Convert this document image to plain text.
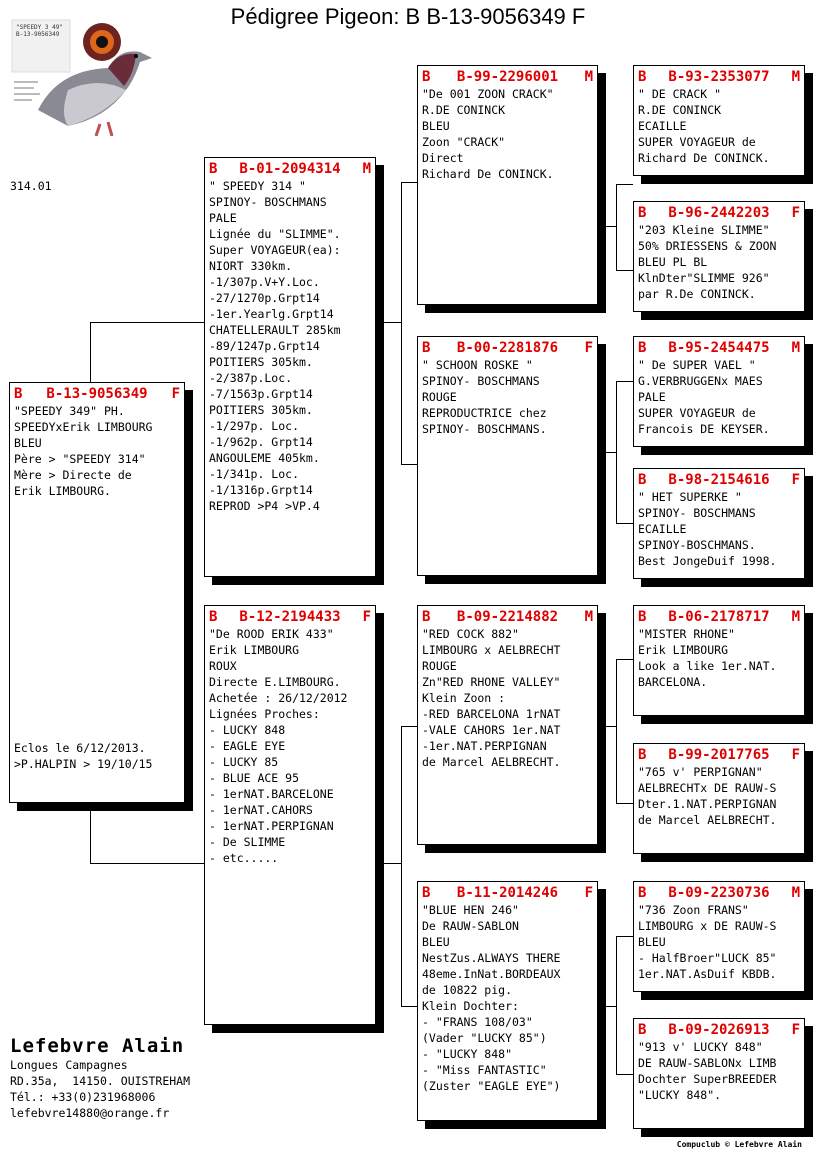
Pédigree Pigeon: B B-13-9056349 F
"SPEEDY 3 49"
B-13-9056349
314.01
B	B-13-9056349	F
"SPEEDY 349" PH.
SPEEDYxErik LIMBOURG
BLEU
Père > "SPEEDY 314"
Mère > Directe de
Erik LIMBOURG.
B	B-01-2094314	M
" SPEEDY 314 "
SPINOY- BOSCHMANS
PALE
Lignée du "SLIMME".
Super VOYAGEUR(ea):
NIORT 330km.
-1/307p.V+Y.Loc.
-27/1270p.Grpt14
-1er.Yearlg.Grpt14
CHATELLERAULT 285km
-89/1247p.Grpt14
POITIERS 305km.
-2/387p.Loc.
-7/1563p.Grpt14
POITIERS 305km.
-1/297p. Loc.
-1/962p. Grpt14
ANGOULEME 405km.
-1/341p. Loc.
-1/1316p.Grpt14
REPROD >P4 >VP.4
B	B-12-2194433	F
"De ROOD ERIK 433"
Erik LIMBOURG
ROUX
Directe E.LIMBOURG.
Achetée : 26/12/2012
Lignées Proches:
- LUCKY 848
- EAGLE EYE
- LUCKY 85
- BLUE ACE 95
- 1erNAT.BARCELONE
- 1erNAT.CAHORS
- 1erNAT.PERPIGNAN
- De SLIMME
- etc.....
B	B-99-2296001	M
"De 001 ZOON CRACK"
R.DE CONINCK
BLEU
Zoon "CRACK"
Direct
Richard De CONINCK.
B	B-00-2281876	F
" SCHOON ROSKE "
SPINOY- BOSCHMANS
ROUGE
REPRODUCTRICE chez
SPINOY- BOSCHMANS.
B	B-09-2214882	M
"RED COCK 882"
LIMBOURG x AELBRECHT
ROUGE
Zn"RED RHONE VALLEY"
Klein Zoon :
-RED BARCELONA 1rNAT
-VALE CAHORS 1er.NAT
-1er.NAT.PERPIGNAN
de Marcel AELBRECHT.
B	B-11-2014246	F
"BLUE HEN 246"
De RAUW-SABLON
BLEU
NestZus.ALWAYS THERE
48eme.InNat.BORDEAUX
de 10822 pig.
Klein Dochter:
- "FRANS 108/03"
(Vader "LUCKY 85")
- "LUCKY 848"
- "Miss FANTASTIC"
(Zuster "EAGLE EYE")
B	B-93-2353077	M
" DE CRACK "
R.DE CONINCK
ECAILLE
SUPER VOYAGEUR de
Richard De CONINCK.
B	B-96-2442203	F
"203 Kleine SLIMME"
50% DRIESSENS & ZOON
BLEU PL BL
KlnDter"SLIMME 926"
par R.De CONINCK.
B	B-95-2454475	M
" De SUPER VAEL "
G.VERBRUGGENx MAES
PALE
SUPER VOYAGEUR de
Francois DE KEYSER.
B	B-98-2154616	F
" HET SUPERKE "
SPINOY- BOSCHMANS
ECAILLE
SPINOY-BOSCHMANS.
Best JongeDuif 1998.
B	B-06-2178717	M
"MISTER RHONE"
Erik LIMBOURG
Look a like 1er.NAT.
BARCELONA.
B	B-99-2017765	F
"765 v' PERPIGNAN"
AELBRECHTx DE RAUW-S
Dter.1.NAT.PERPIGNAN
de Marcel AELBRECHT.
B	B-09-2230736	M
"736 Zoon FRANS"
LIMBOURG x DE RAUW-S
BLEU
- HalfBroer"LUCK 85"
1er.NAT.AsDuif KBDB.
B	B-09-2026913	F
"913 v' LUCKY 848"
DE RAUW-SABLONx LIMB
Dochter SuperBREEDER
"LUCKY 848".
Eclos le 6/12/2013.
>P.HALPIN > 19/10/15
Lefebvre Alain
Longues Campagnes
RD.35a,  14150. OUISTREHAM
Tél.: +33(0)231968006
lefebvre14880@orange.fr
Compuclub © Lefebvre Alain
